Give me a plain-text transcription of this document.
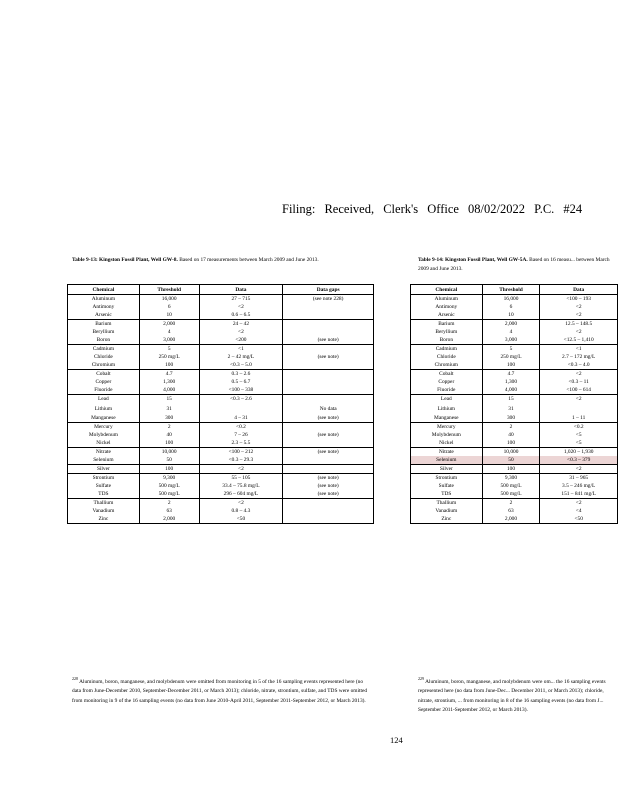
Filing: Received, Clerk's Office 08/02/2022 P.C. #24
Table 9-13: Kingston Fossil Plant, Well GW-8. Based on 17 measurements between March 2009 and June 2013.
Chemical	Threshold	Data	Data gaps
Aluminum	16,000	27 – 715	(see note 228)
Antimony	6	<2	
Arsenic	10	0.6 – 6.5	
Barium	2,000	24 – 42	
Beryllium	4	<2	
Boron	3,000	<200	(see note)
Cadmium	5	<1	
Chloride	250 mg/L	2 – 42 mg/L	(see note)
Chromium	100	<0.3 – 5.0	
Cobalt	4.7	0.3 – 2.6	
Copper	1,300	0.5 – 6.7	
Fluoride	4,000	<100 – 338	
Lead	15	<0.3 – 2.6	
Lithium	31		No data
Manganese	300	4 – 31	(see note)
Mercury	2	<0.2	
Molybdenum	40	7 – 26	(see note)
Nickel	100	2.3 – 5.5	
Nitrate	10,000	<100 – 212	(see note)
Selenium	50	<0.3 – 29.3	
Silver	100	<2	
Strontium	9,300	55 – 105	(see note)
Sulfate	500 mg/L	33.4 – 75.8 mg/L	(see note)
TDS	500 mg/L	296 – 604 mg/L	(see note)
Thallium	2	<2	
Vanadium	63	0.8 – 4.3	
Zinc	2,000	<50	
Table 9-14: Kingston Fossil Plant, Well GW-5A. Based on 16 measu... between March 2009 and June 2013.
Chemical	Threshold	Data
Aluminum	16,000	<100 – 193
Antimony	6	<2
Arsenic	10	<2
Barium	2,000	12.5 – 148.5
Beryllium	4	<2
Boron	3,000	<12.5 – 1,410
Cadmium	5	<1
Chloride	250 mg/L	2.7 – 172 mg/L
Chromium	100	<0.3 – 4.0
Cobalt	4.7	<2
Copper	1,300	<0.3 – 11
Fluoride	4,000	<100 – 614
Lead	15	<2
Lithium	31	
Manganese	300	1 – 11
Mercury	2	<0.2
Molybdenum	40	<5
Nickel	100	<5
Nitrate	10,000	1,020 – 1,930
Selenium	50	<0.3 – 379
Silver	100	<2
Strontium	9,300	31 – 965
Sulfate	500 mg/L	3.5 – 246 mg/L
TDS	500 mg/L	151 – 841 mg/L
Thallium	2	<2
Vanadium	63	<4
Zinc	2,000	<50
$^{228}$ Aluminum, boron, manganese, and molybdenum were omitted from monitoring in 5 of the 16 sampling events represented here (no data from June-December 2010, September-December 2011, or March 2013); chloride, nitrate, strontium, sulfate, and TDS were omitted from monitoring in 9 of the 16 sampling events (no data from June 2010-April 2011, September 2011-September 2012, or March 2013).
$^{229}$ Aluminum, boron, manganese, and molybdenum were om... the 16 sampling events represented here (no data from June-Dec... December 2011, or March 2013); chloride, nitrate, strontium, ... from monitoring in 8 of the 16 sampling events (no data from J... September 2011-September 2012, or March 2013).
124
